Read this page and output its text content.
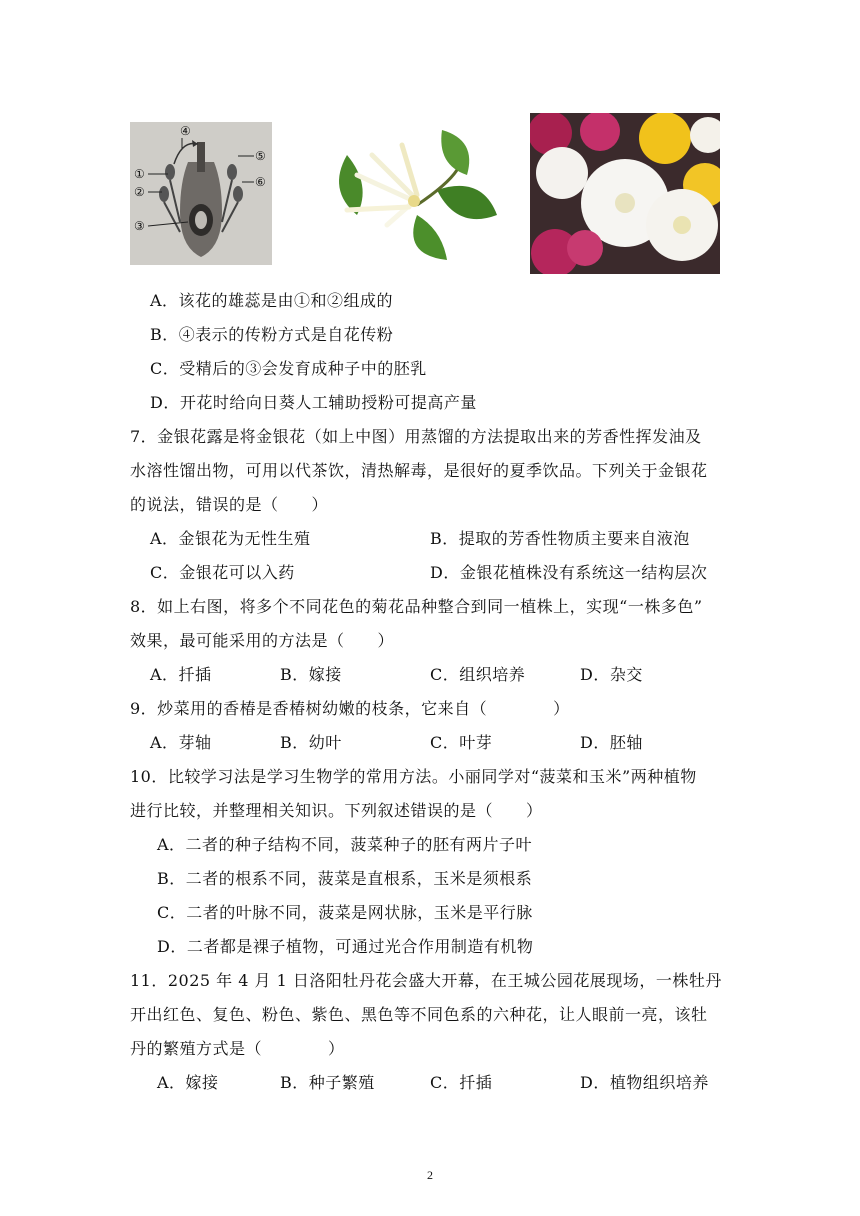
④
①
②
③
⑤
⑥
A．该花的雄蕊是由①和②组成的
B．④表示的传粉方式是自花传粉
C．受精后的③会发育成种子中的胚乳
D．开花时给向日葵人工辅助授粉可提高产量
7．金银花露是将金银花（如上中图）用蒸馏的方法提取出来的芳香性挥发油及
水溶性馏出物，可用以代茶饮，清热解毒，是很好的夏季饮品。下列关于金银花
的说法，错误的是（　　）
A．金银花为无性生殖	B．提取的芳香性物质主要来自液泡
C．金银花可以入药	D．金银花植株没有系统这一结构层次
8．如上右图，将多个不同花色的菊花品种整合到同一植株上，实现“一株多色”
效果，最可能采用的方法是（　　）
A．扦插	B．嫁接	C．组织培养	D．杂交
9．炒菜用的香椿是香椿树幼嫩的枝条，它来自（　　　　）
A．芽轴	B．幼叶	C．叶芽	D．胚轴
10．比较学习法是学习生物学的常用方法。小丽同学对“菠菜和玉米”两种植物
进行比较，并整理相关知识。下列叙述错误的是（　　）
A．二者的种子结构不同，菠菜种子的胚有两片子叶
B．二者的根系不同，菠菜是直根系，玉米是须根系
C．二者的叶脉不同，菠菜是网状脉，玉米是平行脉
D．二者都是裸子植物，可通过光合作用制造有机物
11．2025 年 4 月 1 日洛阳牡丹花会盛大开幕，在王城公园花展现场，一株牡丹
开出红色、复色、粉色、紫色、黑色等不同色系的六种花，让人眼前一亮，该牡
丹的繁殖方式是（　　　　）
A．嫁接	B．种子繁殖	C．扦插	D．植物组织培养
2
